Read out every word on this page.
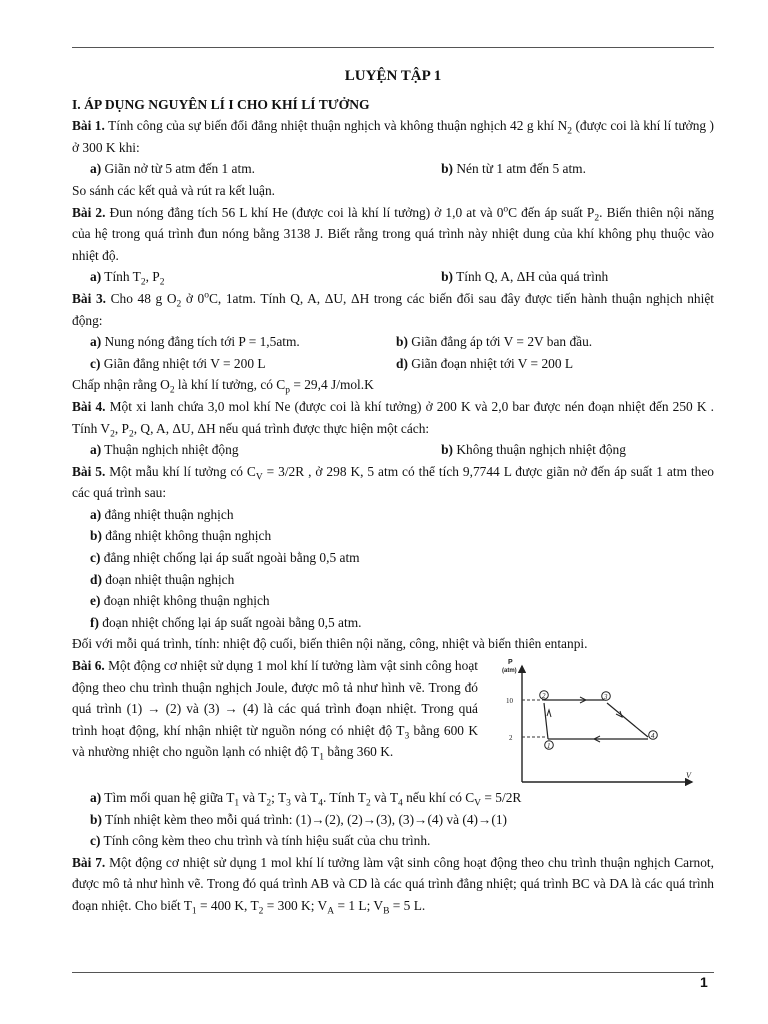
LUYỆN TẬP 1
I. ÁP DỤNG NGUYÊN LÍ I CHO KHÍ LÍ TƯỞNG

Bài 1. Tính công của sự biến đổi đẳng nhiệt thuận nghịch và không thuận nghịch 42 g khí $N_2$ (được coi là khí lí tưởng ) ở 300 K khi:

a) Giãn nở từ 5 atm đến 1 atm.	b) Nén từ 1 atm đến 5 atm.

So sánh các kết quả và rút ra kết luận.

Bài 2. Đun nóng đẳng tích 56 L khí He (được coi là khí lí tưởng) ở 1,0 at và 0$^o$C đến áp suất $P_2$. Biến thiên nội năng của hệ trong quá trình đun nóng bằng 3138 J. Biết rằng trong quá trình này nhiệt dung của khí không phụ thuộc vào nhiệt độ.

a) Tính $T_2$, $P_2$	b) Tính Q, A, ΔH của quá trình

Bài 3. Cho 48 g $O_2$ ở 0$^o$C, 1atm. Tính Q, A, ΔU, ΔH trong các biến đổi sau đây được tiến hành thuận nghịch nhiệt động:

a) Nung nóng đẳng tích tới P = 1,5atm.	b) Giãn đẳng áp tới V = 2V ban đầu.
c) Giãn đẳng nhiệt tới V = 200 L	d) Giãn đoạn nhiệt tới V = 200 L

Chấp nhận rằng $O_2$ là khí lí tưởng, có $C_p = 29,4$ J/mol.K

Bài 4. Một xi lanh chứa 3,0 mol khí Ne (được coi là khí tưởng) ở 200 K và 2,0 bar được nén đoạn nhiệt đến 250 K . Tính $V_2$, $P_2$, Q, A, ΔU, ΔH nếu quá trình được thực hiện một cách:

a) Thuận nghịch nhiệt động	b) Không thuận nghịch nhiệt động

Bài 5. Một mẫu khí lí tưởng có $C_V = 3/2R$ , ở 298 K, 5 atm có thể tích 9,7744 L được giãn nở đến áp suất 1 atm theo các quá trình sau:

a) đẳng nhiệt thuận nghịch
b) đẳng nhiệt không thuận nghịch
c) đẳng nhiệt chống lại áp suất ngoài bằng 0,5 atm
d) đoạn nhiệt thuận nghịch
e) đoạn nhiệt không thuận nghịch
f) đoạn nhiệt chống lại áp suất ngoài bằng 0,5 atm.

Đối với mỗi quá trình, tính: nhiệt độ cuối, biến thiên nội năng, công, nhiệt và biến thiên entanpi.

Bài 6. Một động cơ nhiệt sử dụng 1 mol khí lí tưởng làm vật sinh công hoạt động theo chu trình thuận nghịch Joule, được mô tả như hình vẽ. Trong đó quá trình (1) → (2) và (3) → (4) là các quá trình đoạn nhiệt. Trong quá trình hoạt động, khí nhận nhiệt từ nguồn nóng có nhiệt độ $T_3$ bằng 600 K và nhường nhiệt cho nguồn lạnh có nhiệt độ $T_1$ bằng 360 K.

P
(atm)
V
10
2
2	3
4
1
a) Tìm mối quan hệ giữa $T_1$ và $T_2$; $T_3$ và $T_4$. Tính $T_2$ và $T_4$ nếu khí có $C_V = 5/2R$
b) Tính nhiệt kèm theo mỗi quá trình: (1)→(2), (2)→(3), (3)→(4) và (4)→(1)
c) Tính công kèm theo chu trình và tính hiệu suất của chu trình.

Bài 7. Một động cơ nhiệt sử dụng 1 mol khí lí tưởng làm vật sinh công hoạt động theo chu trình thuận nghịch Carnot, được mô tả như hình vẽ. Trong đó quá trình AB và CD là các quá trình đẳng nhiệt; quá trình BC và DA là các quá trình đoạn nhiệt. Cho biết $T_1 = 400$ K, $T_2 = 300$ K; $V_A = 1$ L; $V_B = 5$ L.

1
